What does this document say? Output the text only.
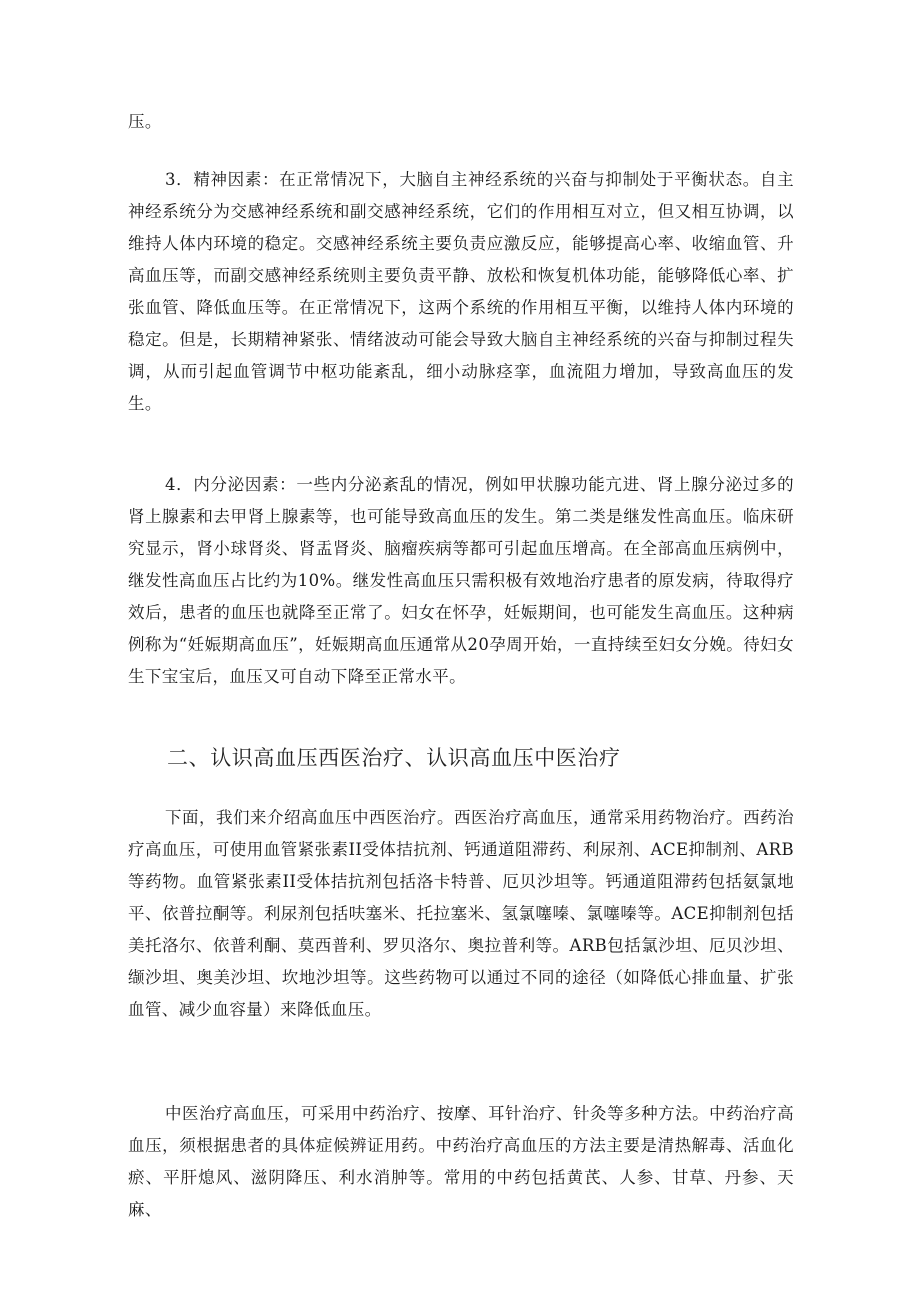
压。

3．精神因素：在正常情况下，大脑自主神经系统的兴奋与抑制处于平衡状态。自主神经系统分为交感神经系统和副交感神经系统，它们的作用相互对立，但又相互协调，以维持人体内环境的稳定。交感神经系统主要负责应激反应，能够提高心率、收缩血管、升高血压等，而副交感神经系统则主要负责平静、放松和恢复机体功能，能够降低心率、扩张血管、降低血压等。在正常情况下，这两个系统的作用相互平衡，以维持人体内环境的稳定。但是，长期精神紧张、情绪波动可能会导致大脑自主神经系统的兴奋与抑制过程失调，从而引起血管调节中枢功能紊乱，细小动脉痉挛，血流阻力增加，导致高血压的发生。

4．内分泌因素：一些内分泌紊乱的情况，例如甲状腺功能亢进、肾上腺分泌过多的肾上腺素和去甲肾上腺素等，也可能导致高血压的发生。第二类是继发性高血压。临床研究显示，肾小球肾炎、肾盂肾炎、脑瘤疾病等都可引起血压增高。在全部高血压病例中，继发性高血压占比约为10%。继发性高血压只需积极有效地治疗患者的原发病，待取得疗效后，患者的血压也就降至正常了。妇女在怀孕，妊娠期间，也可能发生高血压。这种病例称为“妊娠期高血压”，妊娠期高血压通常从20孕周开始，一直持续至妇女分娩。待妇女生下宝宝后，血压又可自动下降至正常水平。

二、认识高血压西医治疗、认识高血压中医治疗

下面，我们来介绍高血压中西医治疗。西医治疗高血压，通常采用药物治疗。西药治疗高血压，可使用血管紧张素II受体拮抗剂、钙通道阻滞药、利尿剂、ACE抑制剂、ARB等药物。血管紧张素II受体拮抗剂包括洛卡特普、厄贝沙坦等。钙通道阻滞药包括氨氯地平、依普拉酮等。利尿剂包括呋塞米、托拉塞米、氢氯噻嗪、氯噻嗪等。ACE抑制剂包括美托洛尔、依普利酮、莫西普利、罗贝洛尔、奥拉普利等。ARB包括氯沙坦、厄贝沙坦、缬沙坦、奥美沙坦、坎地沙坦等。这些药物可以通过不同的途径（如降低心排血量、扩张血管、减少血容量）来降低血压。

中医治疗高血压，可采用中药治疗、按摩、耳针治疗、针灸等多种方法。中药治疗高血压，须根据患者的具体症候辨证用药。中药治疗高血压的方法主要是清热解毒、活血化瘀、平肝熄风、滋阴降压、利水消肿等。常用的中药包括黄芪、人参、甘草、丹参、天麻、
